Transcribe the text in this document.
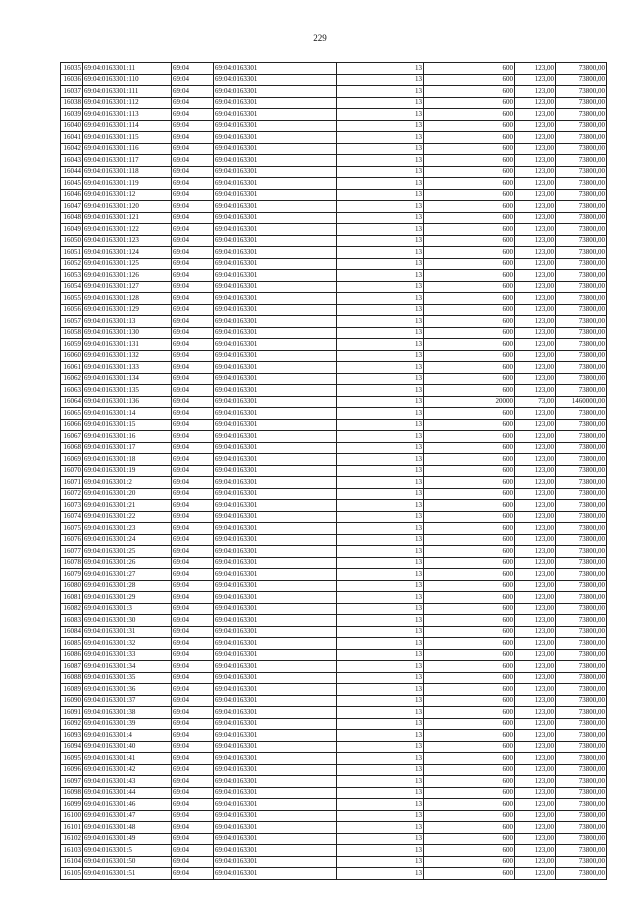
229
16035	69:04:0163301:11	69:04	69:04:0163301	13	600	123,00	73800,00
16036	69:04:0163301:110	69:04	69:04:0163301	13	600	123,00	73800,00
16037	69:04:0163301:111	69:04	69:04:0163301	13	600	123,00	73800,00
16038	69:04:0163301:112	69:04	69:04:0163301	13	600	123,00	73800,00
16039	69:04:0163301:113	69:04	69:04:0163301	13	600	123,00	73800,00
16040	69:04:0163301:114	69:04	69:04:0163301	13	600	123,00	73800,00
16041	69:04:0163301:115	69:04	69:04:0163301	13	600	123,00	73800,00
16042	69:04:0163301:116	69:04	69:04:0163301	13	600	123,00	73800,00
16043	69:04:0163301:117	69:04	69:04:0163301	13	600	123,00	73800,00
16044	69:04:0163301:118	69:04	69:04:0163301	13	600	123,00	73800,00
16045	69:04:0163301:119	69:04	69:04:0163301	13	600	123,00	73800,00
16046	69:04:0163301:12	69:04	69:04:0163301	13	600	123,00	73800,00
16047	69:04:0163301:120	69:04	69:04:0163301	13	600	123,00	73800,00
16048	69:04:0163301:121	69:04	69:04:0163301	13	600	123,00	73800,00
16049	69:04:0163301:122	69:04	69:04:0163301	13	600	123,00	73800,00
16050	69:04:0163301:123	69:04	69:04:0163301	13	600	123,00	73800,00
16051	69:04:0163301:124	69:04	69:04:0163301	13	600	123,00	73800,00
16052	69:04:0163301:125	69:04	69:04:0163301	13	600	123,00	73800,00
16053	69:04:0163301:126	69:04	69:04:0163301	13	600	123,00	73800,00
16054	69:04:0163301:127	69:04	69:04:0163301	13	600	123,00	73800,00
16055	69:04:0163301:128	69:04	69:04:0163301	13	600	123,00	73800,00
16056	69:04:0163301:129	69:04	69:04:0163301	13	600	123,00	73800,00
16057	69:04:0163301:13	69:04	69:04:0163301	13	600	123,00	73800,00
16058	69:04:0163301:130	69:04	69:04:0163301	13	600	123,00	73800,00
16059	69:04:0163301:131	69:04	69:04:0163301	13	600	123,00	73800,00
16060	69:04:0163301:132	69:04	69:04:0163301	13	600	123,00	73800,00
16061	69:04:0163301:133	69:04	69:04:0163301	13	600	123,00	73800,00
16062	69:04:0163301:134	69:04	69:04:0163301	13	600	123,00	73800,00
16063	69:04:0163301:135	69:04	69:04:0163301	13	600	123,00	73800,00
16064	69:04:0163301:136	69:04	69:04:0163301	13	20000	73,00	1460000,00
16065	69:04:0163301:14	69:04	69:04:0163301	13	600	123,00	73800,00
16066	69:04:0163301:15	69:04	69:04:0163301	13	600	123,00	73800,00
16067	69:04:0163301:16	69:04	69:04:0163301	13	600	123,00	73800,00
16068	69:04:0163301:17	69:04	69:04:0163301	13	600	123,00	73800,00
16069	69:04:0163301:18	69:04	69:04:0163301	13	600	123,00	73800,00
16070	69:04:0163301:19	69:04	69:04:0163301	13	600	123,00	73800,00
16071	69:04:0163301:2	69:04	69:04:0163301	13	600	123,00	73800,00
16072	69:04:0163301:20	69:04	69:04:0163301	13	600	123,00	73800,00
16073	69:04:0163301:21	69:04	69:04:0163301	13	600	123,00	73800,00
16074	69:04:0163301:22	69:04	69:04:0163301	13	600	123,00	73800,00
16075	69:04:0163301:23	69:04	69:04:0163301	13	600	123,00	73800,00
16076	69:04:0163301:24	69:04	69:04:0163301	13	600	123,00	73800,00
16077	69:04:0163301:25	69:04	69:04:0163301	13	600	123,00	73800,00
16078	69:04:0163301:26	69:04	69:04:0163301	13	600	123,00	73800,00
16079	69:04:0163301:27	69:04	69:04:0163301	13	600	123,00	73800,00
16080	69:04:0163301:28	69:04	69:04:0163301	13	600	123,00	73800,00
16081	69:04:0163301:29	69:04	69:04:0163301	13	600	123,00	73800,00
16082	69:04:0163301:3	69:04	69:04:0163301	13	600	123,00	73800,00
16083	69:04:0163301:30	69:04	69:04:0163301	13	600	123,00	73800,00
16084	69:04:0163301:31	69:04	69:04:0163301	13	600	123,00	73800,00
16085	69:04:0163301:32	69:04	69:04:0163301	13	600	123,00	73800,00
16086	69:04:0163301:33	69:04	69:04:0163301	13	600	123,00	73800,00
16087	69:04:0163301:34	69:04	69:04:0163301	13	600	123,00	73800,00
16088	69:04:0163301:35	69:04	69:04:0163301	13	600	123,00	73800,00
16089	69:04:0163301:36	69:04	69:04:0163301	13	600	123,00	73800,00
16090	69:04:0163301:37	69:04	69:04:0163301	13	600	123,00	73800,00
16091	69:04:0163301:38	69:04	69:04:0163301	13	600	123,00	73800,00
16092	69:04:0163301:39	69:04	69:04:0163301	13	600	123,00	73800,00
16093	69:04:0163301:4	69:04	69:04:0163301	13	600	123,00	73800,00
16094	69:04:0163301:40	69:04	69:04:0163301	13	600	123,00	73800,00
16095	69:04:0163301:41	69:04	69:04:0163301	13	600	123,00	73800,00
16096	69:04:0163301:42	69:04	69:04:0163301	13	600	123,00	73800,00
16097	69:04:0163301:43	69:04	69:04:0163301	13	600	123,00	73800,00
16098	69:04:0163301:44	69:04	69:04:0163301	13	600	123,00	73800,00
16099	69:04:0163301:46	69:04	69:04:0163301	13	600	123,00	73800,00
16100	69:04:0163301:47	69:04	69:04:0163301	13	600	123,00	73800,00
16101	69:04:0163301:48	69:04	69:04:0163301	13	600	123,00	73800,00
16102	69:04:0163301:49	69:04	69:04:0163301	13	600	123,00	73800,00
16103	69:04:0163301:5	69:04	69:04:0163301	13	600	123,00	73800,00
16104	69:04:0163301:50	69:04	69:04:0163301	13	600	123,00	73800,00
16105	69:04:0163301:51	69:04	69:04:0163301	13	600	123,00	73800,00
